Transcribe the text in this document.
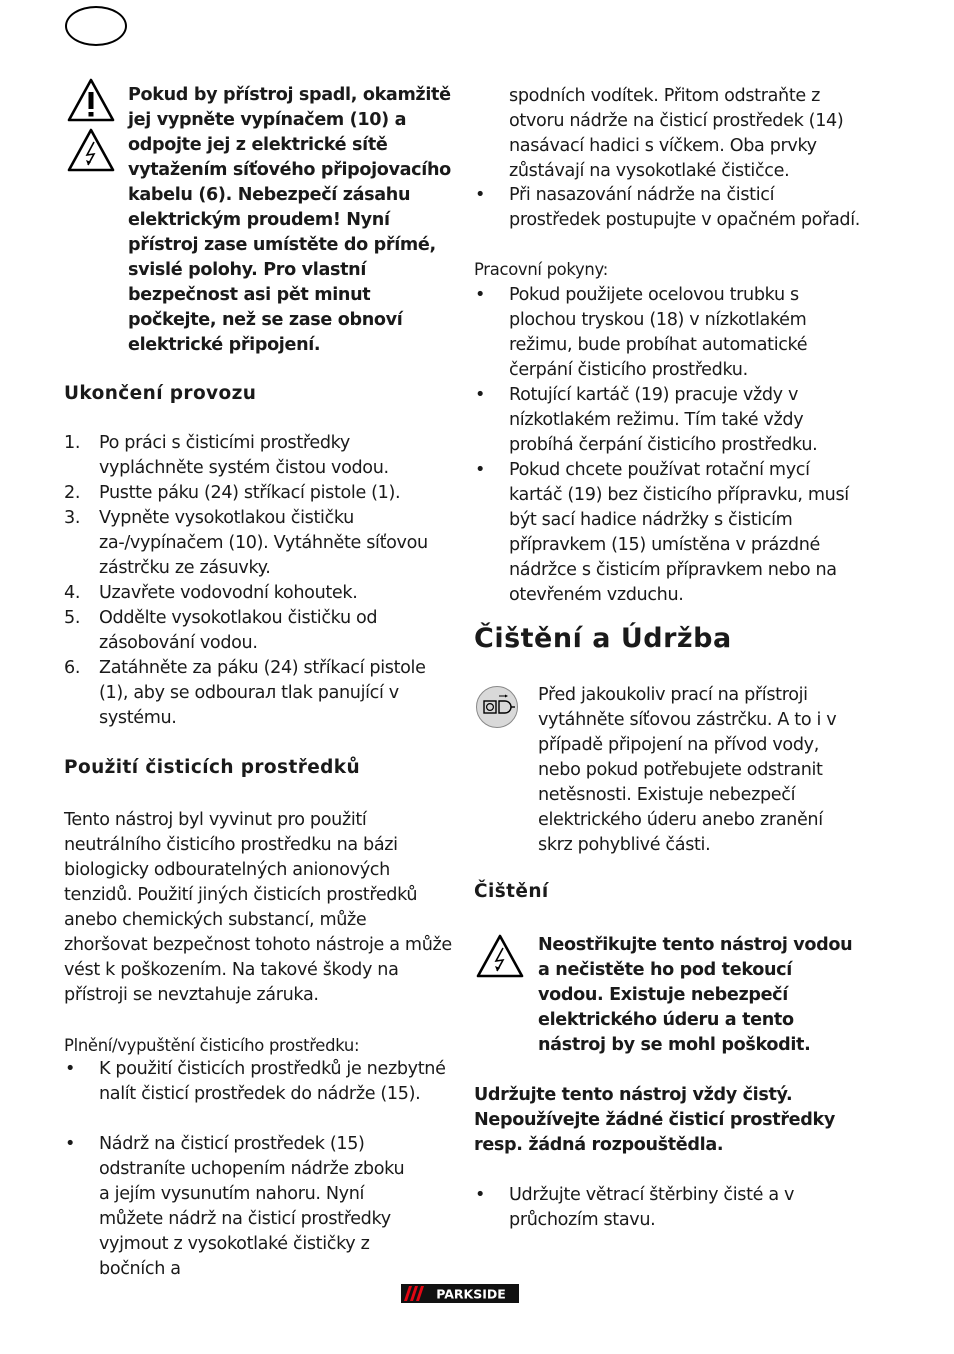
Pokud by přístroj spadl, okamžitě jej vypněte vypínačem (10) a odpojte jej z elektrické sítě vytažením síťového připojovacího kabelu (6). Nebezpečí zásahu elektrickým proudem! Nyní přístroj zase umístěte do přímé, svislé polohy. Pro vlastní bezpečnost asi pět minut počkejte, než se zase obnoví elektrické připojení.

Ukončení provozu
1. Po práci s čisticími prostředky vypláchněte systém čistou vodou.
2. Pustte páku (24) stříkací pistole (1).
3. Vypněte vysokotlakou čističku za-/vypínačem (10). Vytáhněte síťovou zástrčku ze zásuvky.
4. Uzavřete vodovodní kohoutek.
5. Oddělte vysokotlakou čističku od zásobování vodou.
6. Zatáhněte za páku (24) stříkací pistole (1), aby se odbourал tlak panující v systému.
Použití čisticích prostředků

Tento nástroj byl vyvinut pro použití neutrálního čisticího prostředku na bázi biologicky odbouratelných anionových tenzidů. Použití jiných čisticích prostředků anebo chemických substancí, může zhoršovat bezpečnost tohoto nástroje a může vést k poškozením. Na takové škody na přístroji se nevztahuje záruka.

Plnění/vypuštění čisticího prostředku:
• K použití čisticích prostředků je nezbytné nalít čisticí prostředek do nádrže (15).
• Nádrž na čisticí prostředek (15) odstraníte uchopením nádrže zboku a jejím vysunutím nahoru. Nyní můžete nádrž na čisticí prostředky vyjmout z vysokotlaké čističky z bočních a
spodních vodítek. Přitom odstraňte z otvoru nádrže na čisticí prostředek (14) nasávací hadici s víčkem. Oba prvky zůstávají na vysokotlaké čističce.
• Při nasazování nádrže na čisticí prostředek postupujte v opačném pořadí.
Pracovní pokyny:
• Pokud použijete ocelovou trubku s plochou tryskou (18) v nízkotlakém režimu, bude probíhat automatické čerpání čisticího prostředku.
• Rotující kartáč (19) pracuje vždy v nízkotlakém režimu. Tím také vždy probíhá čerpání čisticího prostředku.
• Pokud chcete používat rotační mycí kartáč (19) bez čisticího přípravku, musí být sací hadice nádržky s čisticím přípravkem (15) umístěna v prázdné nádržce s čisticím přípravkem nebo na otevřeném vzduchu.
Čištění a Údržba

Před jakoukoliv prací na přístroji vytáhněte síťovou zástrčku. A to i v případě připojení na přívod vody, nebo pokud potřebujete odstranit netěsnosti. Existuje nebezpečí elektrického úderu anebo zranění skrz pohyblivé části.

Čištění

Neostřikujte tento nástroj vodou a nečistěte ho pod tekoucí vodou. Existuje nebezpečí elektrického úderu a tento nástroj by se mohl poškodit.

Udržujte tento nástroj vždy čistý. Nepoužívejte žádné čisticí prostředky resp. žádná rozpouštědla.

• Udržujte větrací štěrbiny čisté a v průchozím stavu.
PARKSIDE
